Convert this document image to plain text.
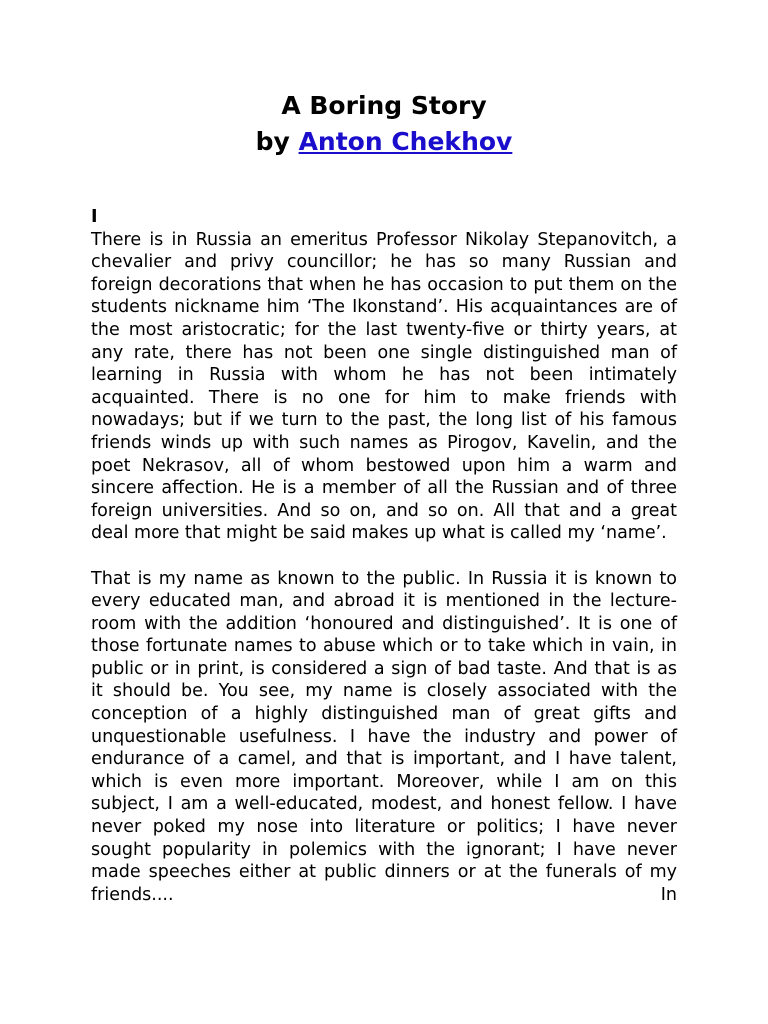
A Boring Story
by Anton Chekhov
I

There is in Russia an emeritus Professor Nikolay Stepanovitch, a chevalier and privy councillor; he has so many Russian and foreign decorations that when he has occasion to put them on the students nickname him ‘The Ikonstand’. His acquaintances are of the most aristocratic; for the last twenty-five or thirty years, at any rate, there has not been one single distinguished man of learning in Russia with whom he has not been intimately acquainted. There is no one for him to make friends with nowadays; but if we turn to the past, the long list of his famous friends winds up with such names as Pirogov, Kavelin, and the poet Nekrasov, all of whom bestowed upon him a warm and sincere affection. He is a member of all the Russian and of three foreign universities. And so on, and so on. All that and a great deal more that might be said makes up what is called my ‘name’.

That is my name as known to the public. In Russia it is known to every educated man, and abroad it is mentioned in the lecture-room with the addition ‘honoured and distinguished’. It is one of those fortunate names to abuse which or to take which in vain, in public or in print, is considered a sign of bad taste. And that is as it should be. You see, my name is closely associated with the conception of a highly distinguished man of great gifts and unquestionable usefulness. I have the industry and power of endurance of a camel, and that is important, and I have talent, which is even more important. Moreover, while I am on this subject, I am a well-educated, modest, and honest fellow. I have never poked my nose into literature or politics; I have never sought popularity in polemics with the ignorant; I have never made speeches either at public dinners or at the funerals of my friends.... In
